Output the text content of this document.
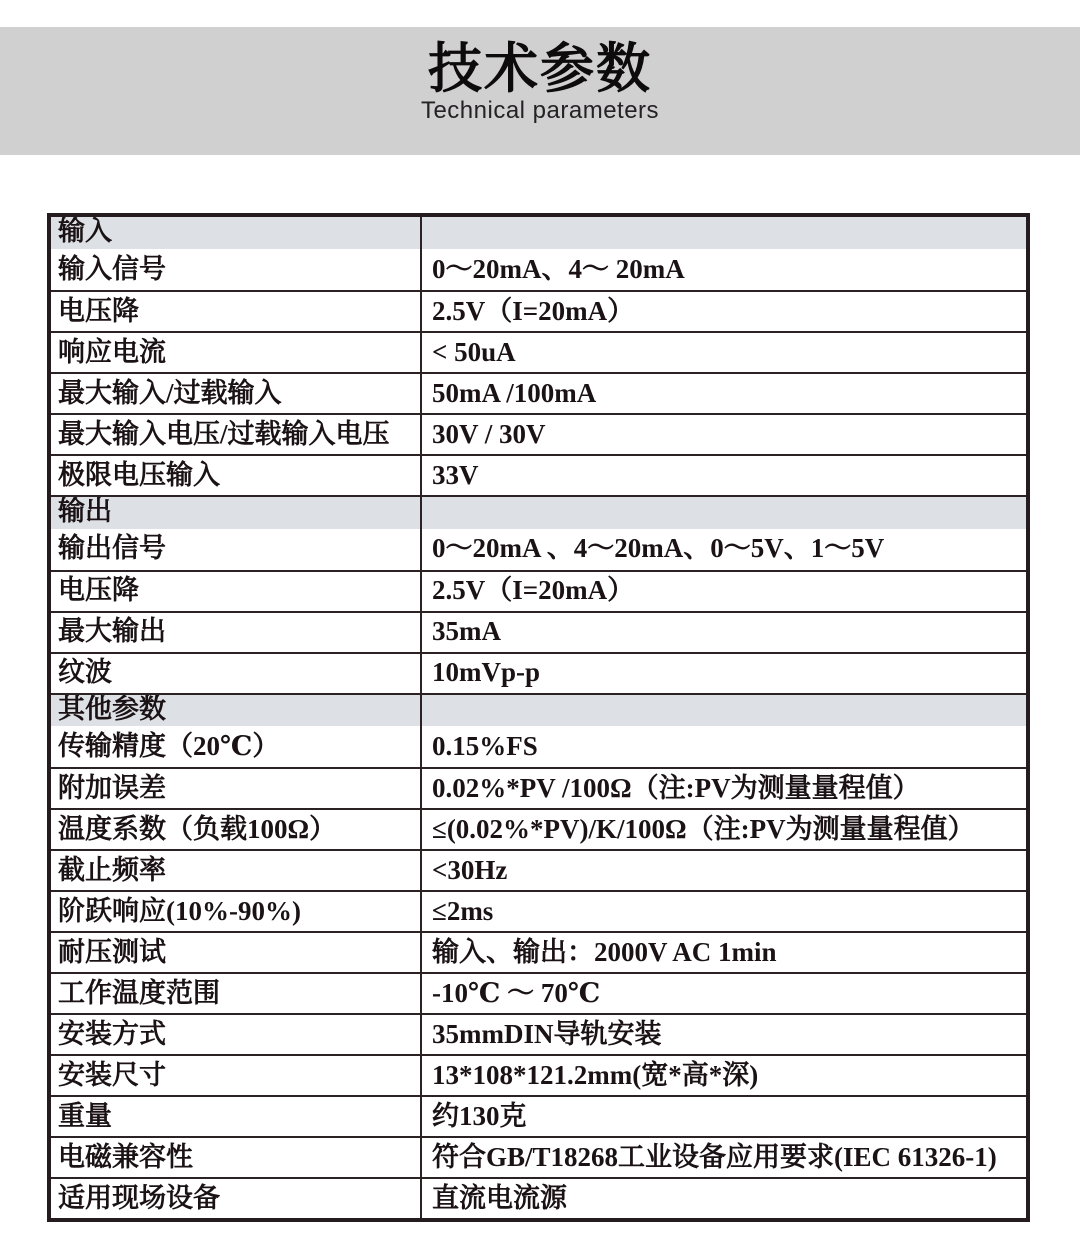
技术参数
Technical parameters
输入
输入信号	0～20mA、4～ 20mA
电压降	2.5V（I=20mA）
响应电流	< 50uA
最大输入/过载输入	50mA /100mA
最大输入电压/过载输入电压	30V / 30V
极限电压输入	33V
输出
输出信号	0～20mA 、4～20mA、0～5V、1～5V
电压降	2.5V（I=20mA）
最大输出	35mA
纹波	10mVp-p
其他参数
传输精度（20℃）	0.15%FS
附加误差	0.02%*PV /100Ω（注:PV为测量量程值）
温度系数（负载100Ω）	≤(0.02%*PV)/K/100Ω（注:PV为测量量程值）
截止频率	<30Hz
阶跃响应(10%-90%)	≤2ms
耐压测试	输入、输出：2000V AC 1min
工作温度范围	-10℃ ～ 70℃
安装方式	35mmDIN导轨安装
安装尺寸	13*108*121.2mm(宽*高*深)
重量	约130克
电磁兼容性	符合GB/T18268工业设备应用要求(IEC 61326-1)
适用现场设备	直流电流源
